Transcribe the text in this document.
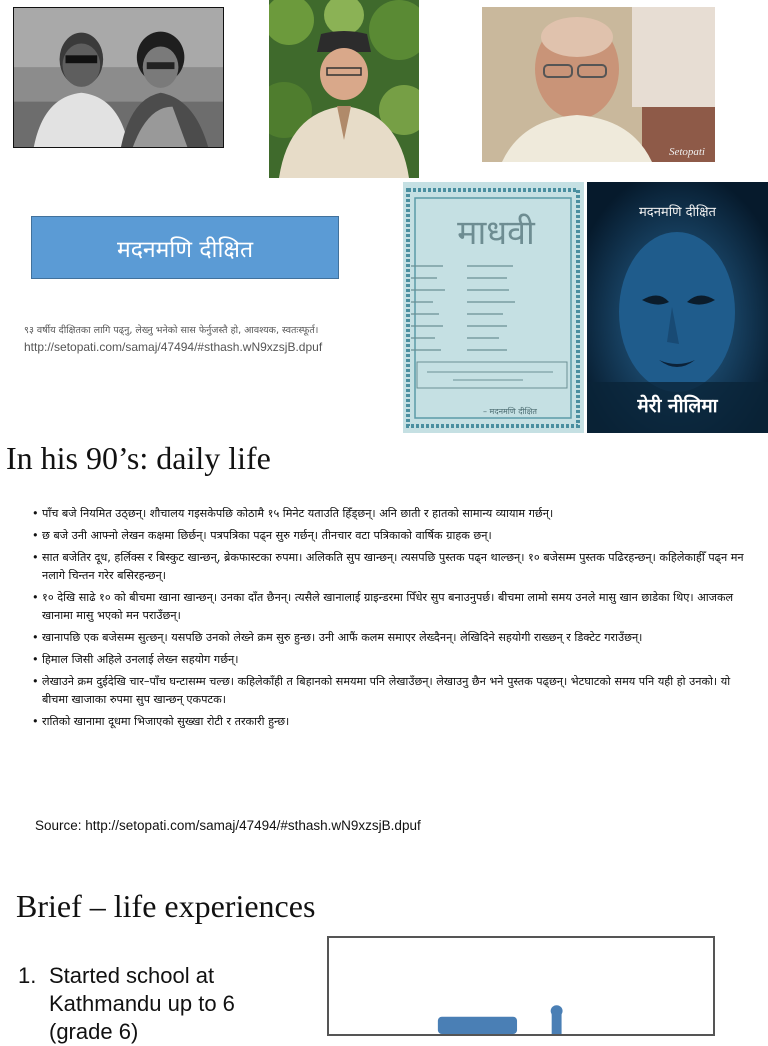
Setopati
मदनमणि दीक्षित
९३ वर्षीय दीक्षितका लागि पढ्नु, लेख्नु भनेको सास फेर्नुजस्तै हो, आवश्‍यक, स्वतःस्फूर्त।
http://setopati.com/samaj/47494/#sthash.wN9xzsjB.dpuf
माधवी
– मदनमणि दीक्षित
मदनमणि दीक्षित
मेरी नीलिमा
In his 90’s: daily life
• पाँच बजे नियमित उठ्छन्। शौचालय गइसकेपछि कोठामै १५ मिनेट यताउति हिँड्छन्। अनि छाती र हातको सामान्य व्यायाम गर्छन्।
• छ बजे उनी आफ्नो लेखन कक्षमा छिर्छन्। पत्रपत्रिका पढ्न सुरु गर्छन्। तीनचार वटा पत्रिकाको वार्षिक ग्राहक छन्।
• सात बजेतिर दूध, हर्लिक्स र बिस्कुट खान्छन्, ब्रेकफास्टका रुपमा। अलिकति सुप खान्छन्। त्यसपछि पुस्तक पढ्न थाल्छन्। १० बजेसम्म पुस्तक पढिरहन्छन्। कहिलेकाहीँ पढ्न मन नलागे चिन्तन गरेर बसिरहन्छन्।
• १० देखि साढे १० को बीचमा खाना खान्छन्। उनका दाँत छैनन्। त्यसैले खानालाई ग्राइन्डरमा पिँधेर सुप बनाउनुपर्छ। बीचमा लामो समय उनले मासु खान छाडेका थिए। आजकल खानामा मासु भएको मन पराउँछन्।
• खानापछि एक बजेसम्म सुत्छन्। यसपछि उनको लेख्ने क्रम सुरु हुन्छ। उनी आफैं कलम समाएर लेख्दैनन्। लेखिदिने सहयोगी राख्छन् र डिक्टेट गराउँछन्।
• हिमाल जिसी अहिले उनलाई लेख्न सहयोग गर्छन्।
• लेखाउने क्रम दुईदेखि चार–पाँच घन्टासम्म चल्छ। कहिलेकाँही त बिहानको समयमा पनि लेखाउँछन्। लेखाउनु छैन भने पुस्तक पढ्छन्। भेटघाटको समय पनि यही हो उनको। यो बीचमा खाजाका रुपमा सुप खान्छन् एकपटक।
• रातिको खानामा दूधमा भिजाएको सुख्खा रोटी र तरकारी हुन्छ।
Source: http://setopati.com/samaj/47494/#sthash.wN9xzsjB.dpuf
Brief – life experiences
1. Started school at Kathmandu up to 6 (grade 6)
